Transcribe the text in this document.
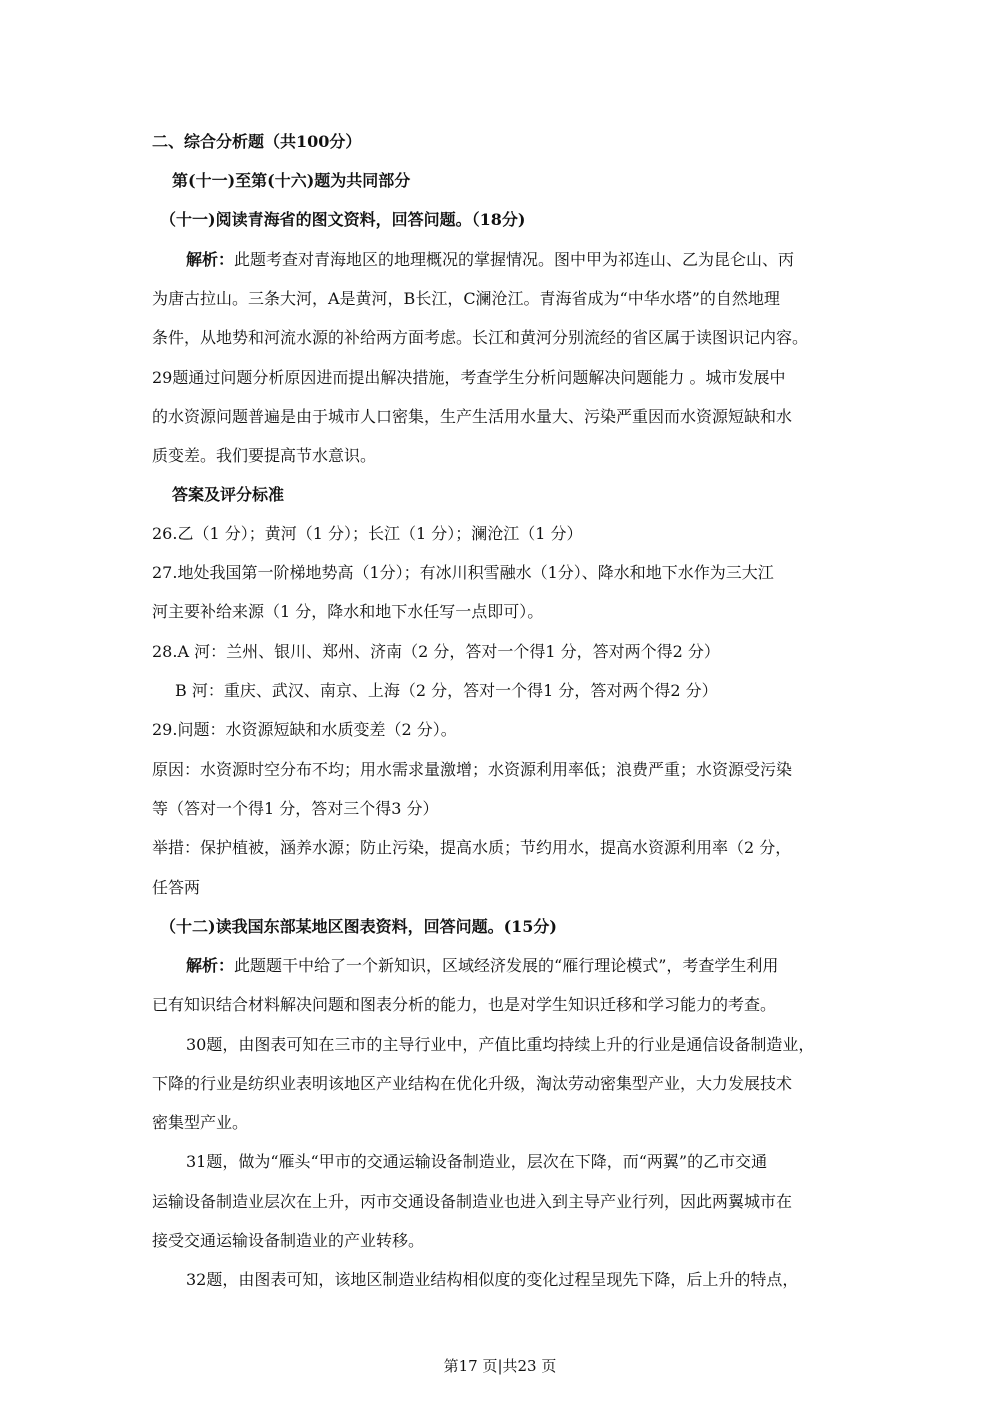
二、综合分析题（共100分）

第(十一)至第(十六)题为共同部分

（十一)阅读青海省的图文资料，回答问题。（18分)

解析：此题考查对青海地区的地理概况的掌握情况。图中甲为祁连山、乙为昆仑山、丙

为唐古拉山。三条大河，A是黄河，B长江，C澜沧江。青海省成为“中华水塔”的自然地理

条件，从地势和河流水源的补给两方面考虑。长江和黄河分别流经的省区属于读图识记内容。

29题通过问题分析原因进而提出解决措施，考查学生分析问题解决问题能力 。城市发展中

的水资源问题普遍是由于城市人口密集，生产生活用水量大、污染严重因而水资源短缺和水

质变差。我们要提高节水意识。

答案及评分标准

26.乙（1 分）；黄河（1 分）；长江（1 分）；澜沧江（1 分）

27.地处我国第一阶梯地势高（1分）；有冰川积雪融水（1分）、降水和地下水作为三大江

河主要补给来源（1 分，降水和地下水任写一点即可）。

28.A 河：兰州、银川、郑州、济南（2 分，答对一个得1 分，答对两个得2 分）

B 河：重庆、武汉、南京、上海（2 分，答对一个得1 分，答对两个得2 分）

29.问题：水资源短缺和水质变差（2 分）。

原因：水资源时空分布不均；用水需求量激增；水资源利用率低；浪费严重；水资源受污染

等（答对一个得1 分，答对三个得3 分）

举措：保护植被，涵养水源；防止污染，提高水质；节约用水，提高水资源利用率（2 分，

任答两

（十二)读我国东部某地区图表资料，回答问题。(15分)

解析：此题题干中给了一个新知识，区域经济发展的“雁行理论模式”，考查学生利用

已有知识结合材料解决问题和图表分析的能力，也是对学生知识迁移和学习能力的考查。

30题，由图表可知在三市的主导行业中，产值比重均持续上升的行业是通信设备制造业，

下降的行业是纺织业表明该地区产业结构在优化升级，淘汰劳动密集型产业，大力发展技术

密集型产业。

31题，做为“雁头“甲市的交通运输设备制造业，层次在下降，而“两翼”的乙市交通

运输设备制造业层次在上升，丙市交通设备制造业也进入到主导产业行列，因此两翼城市在

接受交通运输设备制造业的产业转移。

32题，由图表可知，该地区制造业结构相似度的变化过程呈现先下降，后上升的特点，

第17 页|共23 页
